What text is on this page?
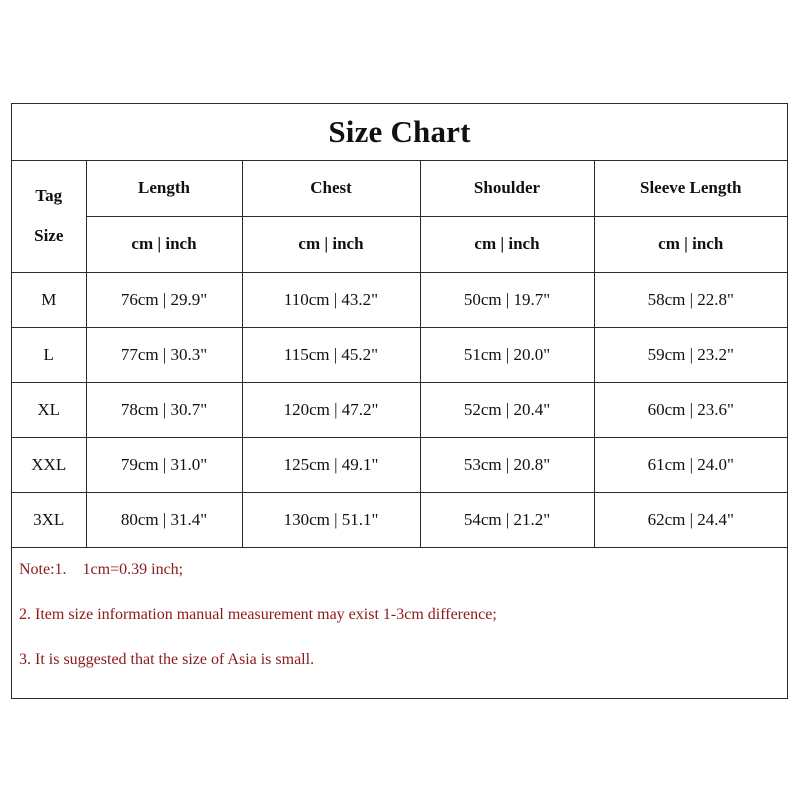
Size Chart
Tag
Size	Length	Chest	Shoulder	Sleeve Length
	cm | inch	cm | inch	cm | inch	cm | inch
M	76cm | 29.9"	110cm | 43.2"	50cm | 19.7"	58cm | 22.8"
L	77cm | 30.3"	115cm | 45.2"	51cm | 20.0"	59cm | 23.2"
XL	78cm | 30.7"	120cm | 47.2"	52cm | 20.4"	60cm | 23.6"
XXL	79cm | 31.0"	125cm | 49.1"	53cm | 20.8"	61cm | 24.0"
3XL	80cm | 31.4"	130cm | 51.1"	54cm | 21.2"	62cm | 24.4"
Note:1.    1cm=0.39 inch;
2. Item size information manual measurement may exist 1-3cm difference;
3. It is suggested that the size of Asia is small.
